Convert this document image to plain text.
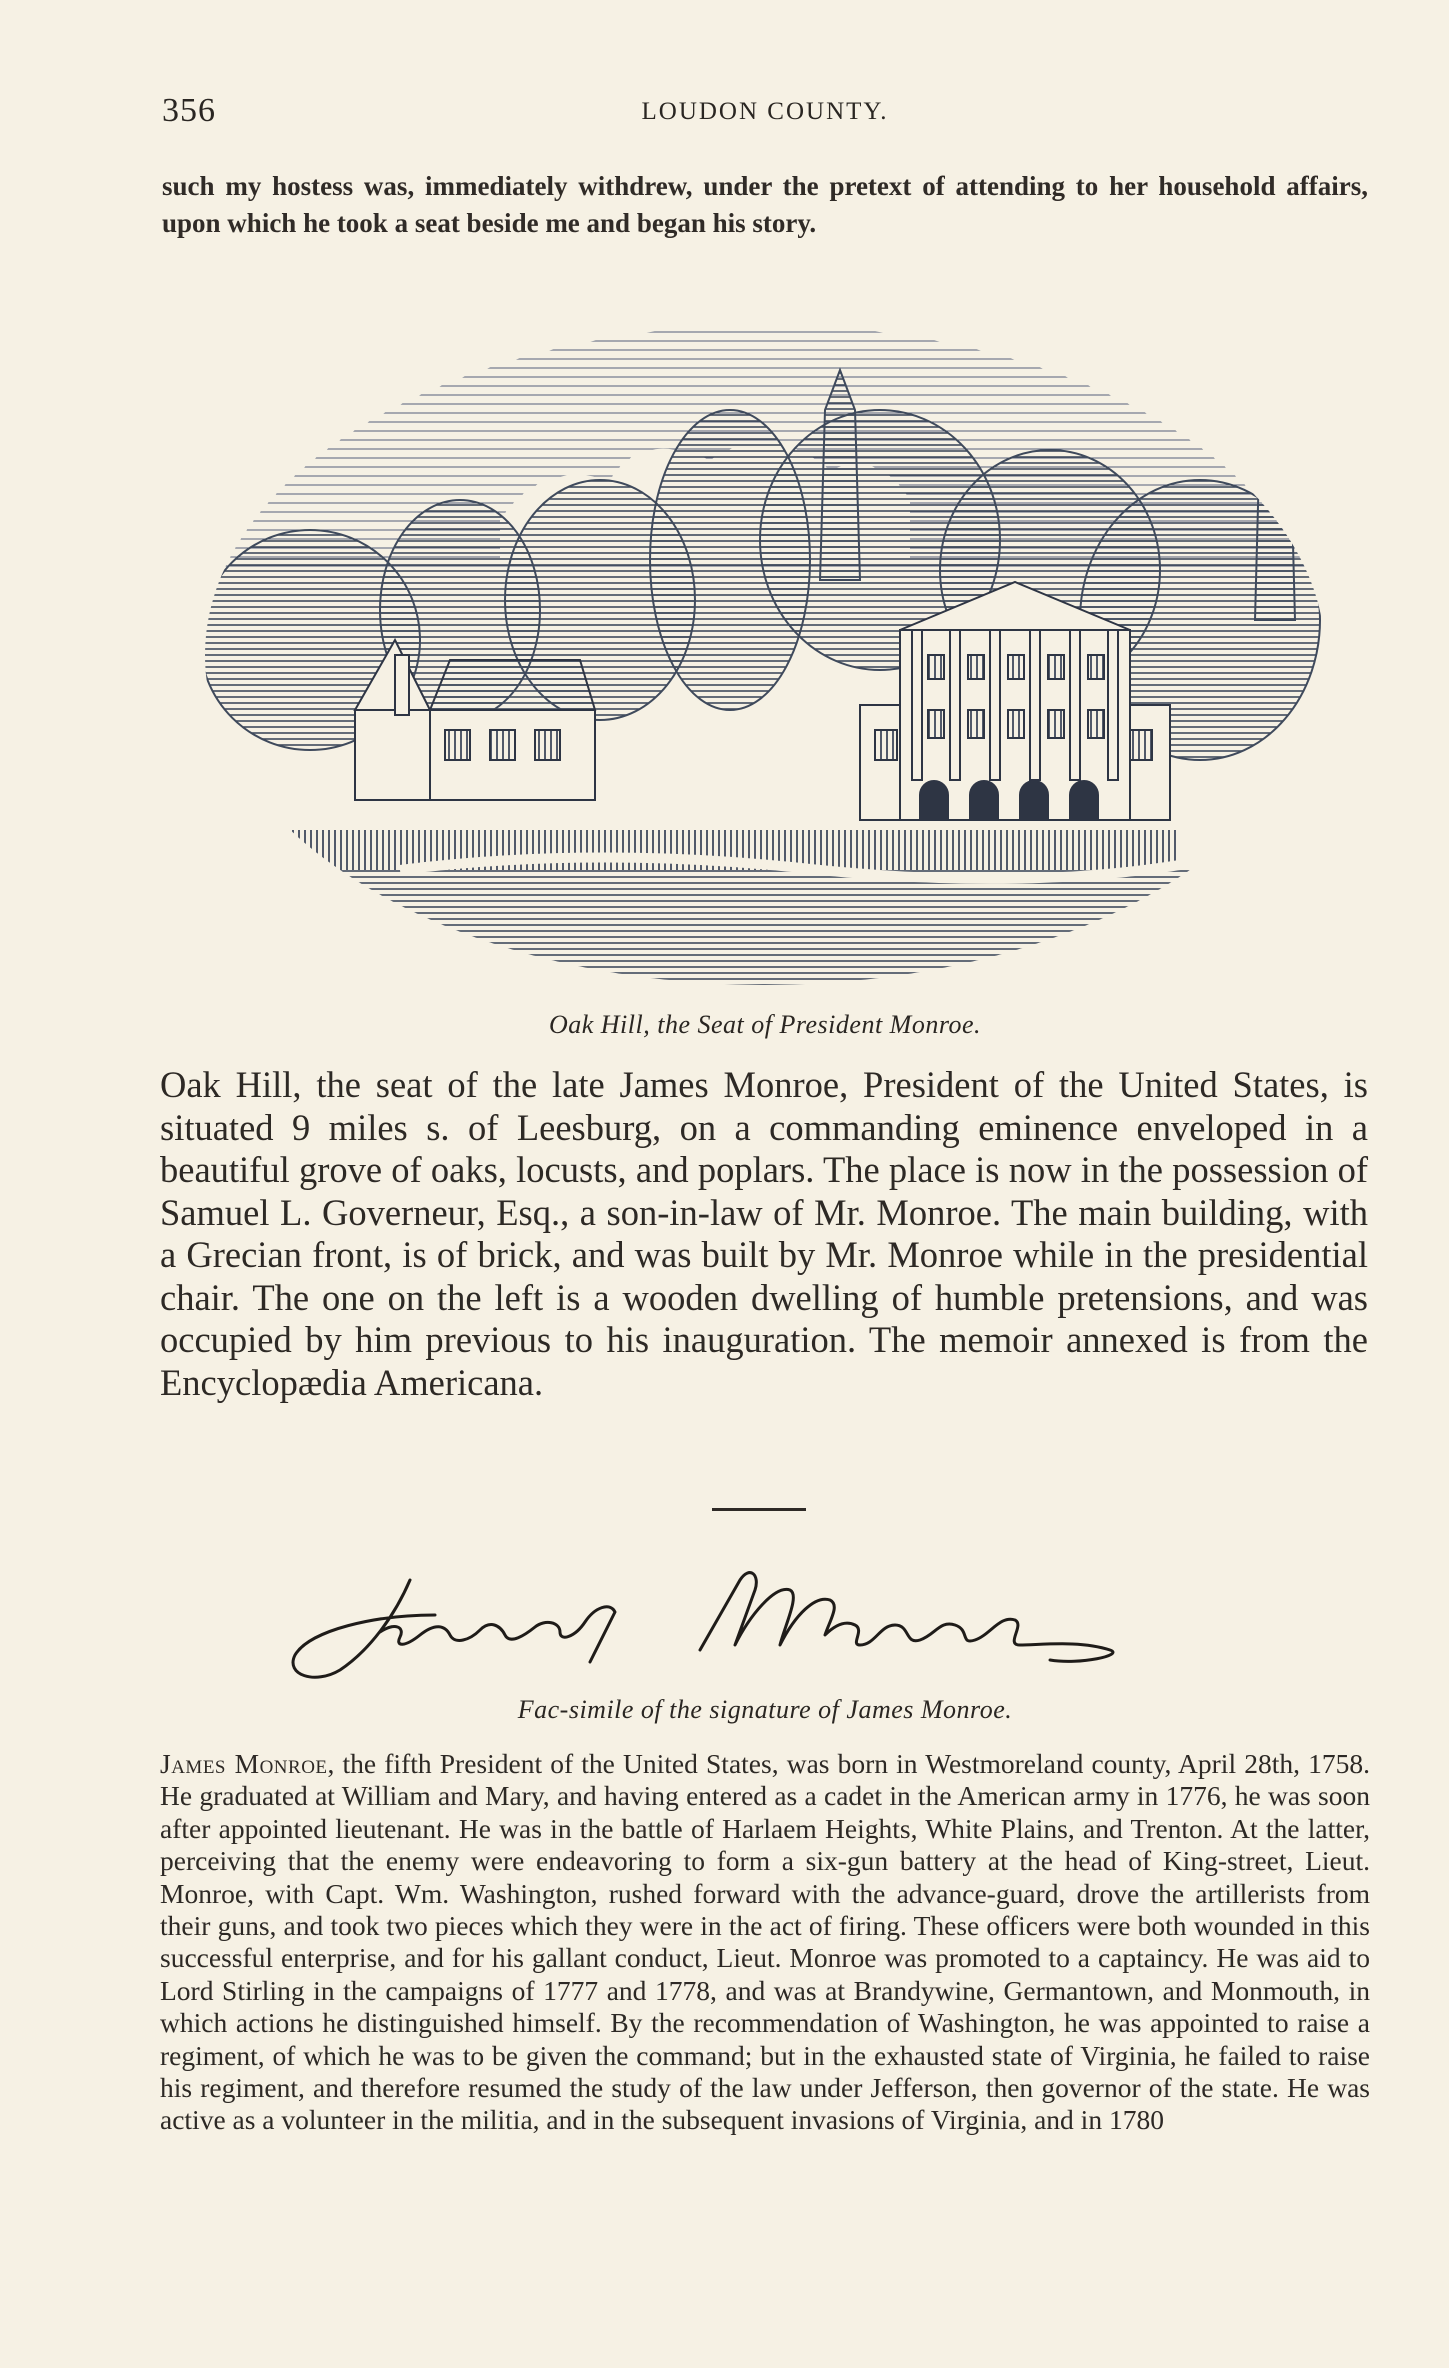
356	LOUDON COUNTY.

such my hostess was, immediately withdrew, under the pretext of attending to her household affairs, upon which he took a seat beside me and began his story.

Oak Hill, the Seat of President Monroe.

Oak Hill, the seat of the late James Monroe, President of the United States, is situated 9 miles s. of Leesburg, on a commanding eminence enveloped in a beautiful grove of oaks, locusts, and poplars. The place is now in the possession of Samuel L. Governeur, Esq., a son-in-law of Mr. Monroe. The main building, with a Grecian front, is of brick, and was built by Mr. Monroe while in the presidential chair. The one on the left is a wooden dwelling of humble pretensions, and was occupied by him previous to his inauguration. The memoir annexed is from the Encyclopædia Americana.

James Monroe
Fac-simile of the signature of James Monroe.

James Monroe, the fifth President of the United States, was born in Westmoreland county, April 28th, 1758. He graduated at William and Mary, and having entered as a cadet in the American army in 1776, he was soon after appointed lieutenant. He was in the battle of Harlaem Heights, White Plains, and Trenton. At the latter, perceiving that the enemy were endeavoring to form a six-gun battery at the head of King-street, Lieut. Monroe, with Capt. Wm. Washington, rushed forward with the advance-guard, drove the artillerists from their guns, and took two pieces which they were in the act of firing. These officers were both wounded in this successful enterprise, and for his gallant conduct, Lieut. Monroe was promoted to a captaincy. He was aid to Lord Stirling in the campaigns of 1777 and 1778, and was at Brandywine, Germantown, and Monmouth, in which actions he distinguished himself. By the recommendation of Washington, he was appointed to raise a regiment, of which he was to be given the command; but in the exhausted state of Virginia, he failed to raise his regiment, and therefore resumed the study of the law under Jefferson, then governor of the state. He was active as a volunteer in the militia, and in the subsequent invasions of Virginia, and in 1780
